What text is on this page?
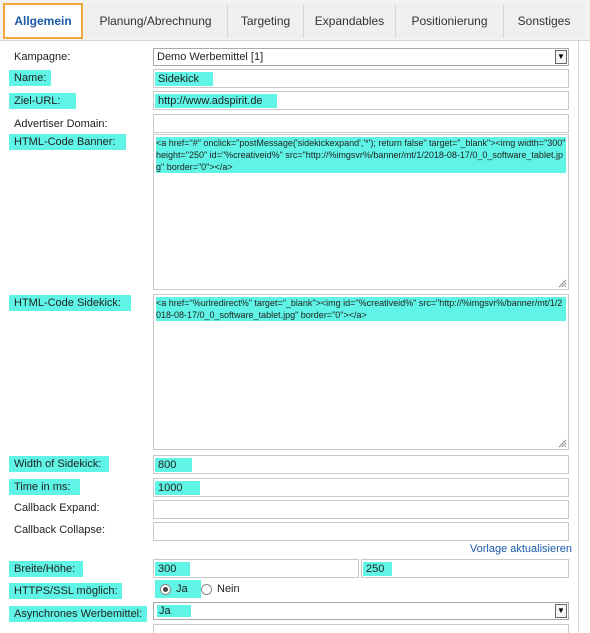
Allgemein	Planung/Abrechnung	Targeting	Expandables	Positionierung	Sonstiges
Kampagne:	Demo Werbemittel [1]	▼
Name:	Sidekick
Ziel-URL:	http://www.adspirit.de
Advertiser Domain:
HTML-Code Banner:	<a href="#" onclick="postMessage('sidekickexpand','*'); return false" target="_blank"><img width="300" height="250" id="%creativeid%" src="http://%imgsvr%/banner/mt/1/2018-08-17/0_0_software_tablet.jpg" border="0"></a>
HTML-Code Sidekick:	<a href="%urlredirect%" target="_blank"><img id="%creativeid%" src="http://%imgsvr%/banner/mt/1/2018-08-17/0_0_software_tablet.jpg" border="0"></a>
Width of Sidekick:	800
Time in ms:	1000
Callback Expand:
Callback Collapse:
Vorlage aktualisieren
Breite/Höhe:	300	250
HTTPS/SSL möglich:	Ja	Nein
Asynchrones Werbemittel:	Ja	▼
